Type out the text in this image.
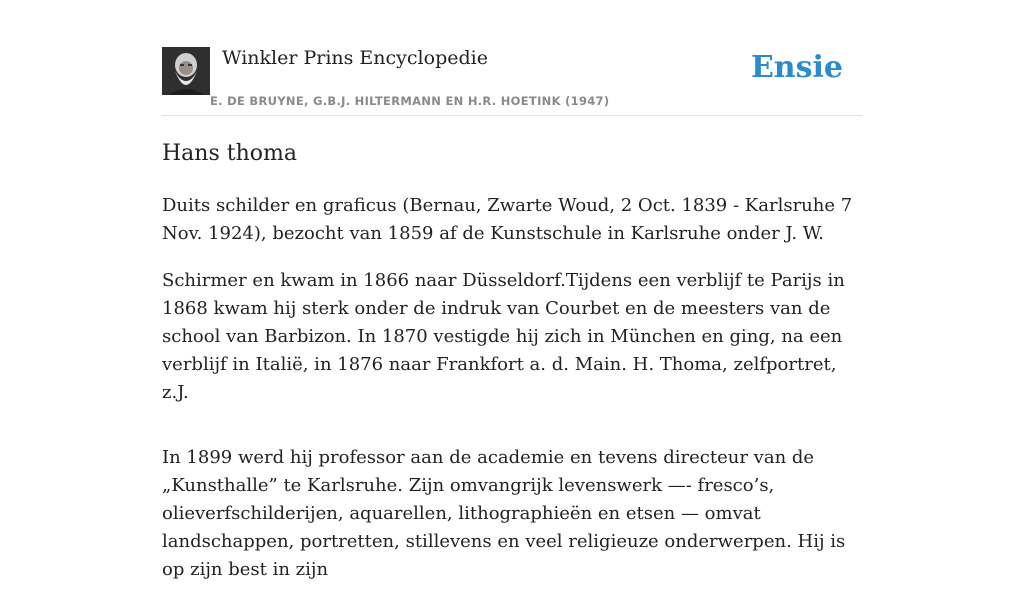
Winkler Prins Encyclopedie
E. DE BRUYNE, G.B.J. HILTERMANN EN H.R. HOETINK (1947)
Ensie
Hans thoma

Duits schilder en graficus (Bernau, Zwarte Woud, 2 Oct. 1839 - Karlsruhe 7 Nov. 1924), bezocht van 1859 af de Kunstschule in Karlsruhe onder J. W.

Schirmer en kwam in 1866 naar Düsseldorf.Tijdens een verblijf te Parijs in 1868 kwam hij sterk onder de indruk van Courbet en de meesters van de school van Barbizon. In 1870 vestigde hij zich in München en ging, na een verblijf in Italië, in 1876 naar Frankfort a. d. Main. H. Thoma, zelfportret, z.J.

In 1899 werd hij professor aan de academie en tevens directeur van de „Kunsthalle” te Karlsruhe. Zijn omvangrijk levenswerk —- fresco’s, olieverfschilderijen, aquarellen, lithographieën en etsen — omvat landschappen, portretten, stillevens en veel religieuze onderwerpen. Hij is op zijn best in zijn
